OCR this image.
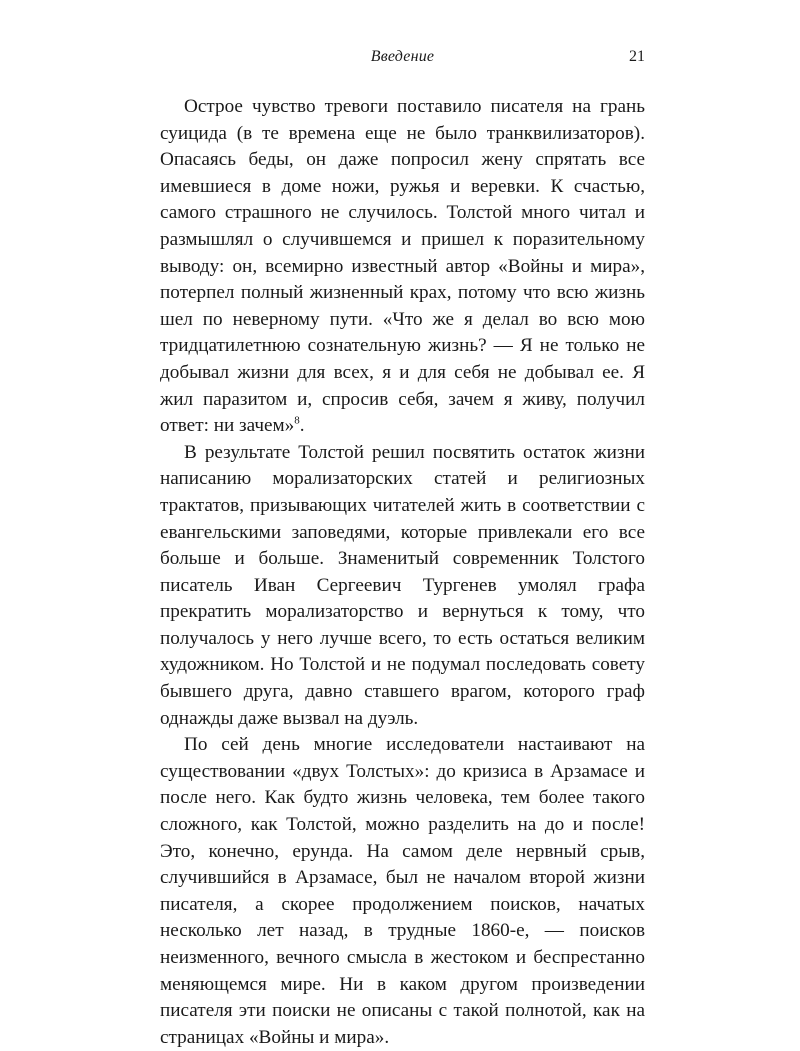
Введение	21

Острое чувство тревоги поставило писателя на грань суицида (в те времена еще не было транквилизаторов). Опасаясь беды, он даже попросил жену спрятать все имевшиеся в доме ножи, ружья и веревки. К счастью, самого страшного не случилось. Толстой много читал и размышлял о случившемся и пришел к поразительному выводу: он, всемирно известный автор «Войны и мира», потерпел полный жизненный крах, потому что всю жизнь шел по неверному пути. «Что же я делал во всю мою тридцатилетнюю сознательную жизнь? — Я не только не добывал жизни для всех, я и для себя не добывал ее. Я жил паразитом и, спросив себя, зачем я живу, получил ответ: ни зачем»$^8$.

В результате Толстой решил посвятить остаток жизни написанию морализаторских статей и религиозных трактатов, призывающих читателей жить в соответствии с евангельскими заповедями, которые привлекали его все больше и больше. Знаменитый современник Толстого писатель Иван Сергеевич Тургенев умолял графа прекратить морализаторство и вернуться к тому, что получалось у него лучше всего, то есть остаться великим художником. Но Толстой и не подумал последовать совету бывшего друга, давно ставшего врагом, которого граф однажды даже вызвал на дуэль.

По сей день многие исследователи настаивают на существовании «двух Толстых»: до кризиса в Арзамасе и после него. Как будто жизнь человека, тем более такого сложного, как Толстой, можно разделить на до и после! Это, конечно, ерунда. На самом деле нервный срыв, случившийся в Арзамасе, был не началом второй жизни писателя, а скорее продолжением поисков, начатых несколько лет назад, в трудные 1860-е, — поисков неизменного, вечного смысла в жестоком и беспрестанно меняющемся мире. Ни в каком другом произведении писателя эти поиски не описаны с такой полнотой, как на страницах «Войны и мира».
